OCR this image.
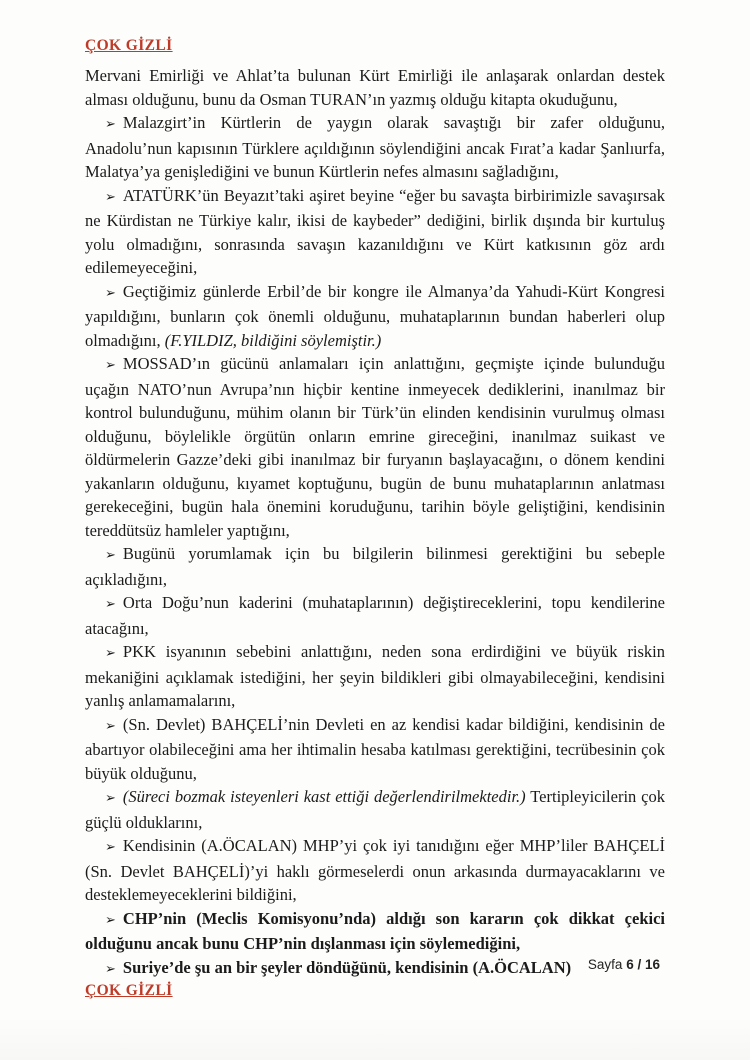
ÇOK GİZLİ

Mervani Emirliği ve Ahlat’ta bulunan Kürt Emirliği ile anlaşarak onlardan destek alması olduğunu, bunu da Osman TURAN’ın yazmış olduğu kitapta okuduğunu,

➢ Malazgirt’in Kürtlerin de yaygın olarak savaştığı bir zafer olduğunu, Anadolu’nun kapısının Türklere açıldığının söylendiğini ancak Fırat’a kadar Şanlıurfa, Malatya’ya genişlediğini ve bunun Kürtlerin nefes almasını sağladığını,

➢ ATATÜRK’ün Beyazıt’taki aşiret beyine “eğer bu savaşta birbirimizle savaşırsak ne Kürdistan ne Türkiye kalır, ikisi de kaybeder” dediğini, birlik dışında bir kurtuluş yolu olmadığını, sonrasında savaşın kazanıldığını ve Kürt katkısının göz ardı edilemeyeceğini,

➢ Geçtiğimiz günlerde Erbil’de bir kongre ile Almanya’da Yahudi-Kürt Kongresi yapıldığını, bunların çok önemli olduğunu, muhataplarının bundan haberleri olup olmadığını, (F.YILDIZ, bildiğini söylemiştir.)

➢ MOSSAD’ın gücünü anlamaları için anlattığını, geçmişte içinde bulunduğu uçağın NATO’nun Avrupa’nın hiçbir kentine inmeyecek dediklerini, inanılmaz bir kontrol bulunduğunu, mühim olanın bir Türk’ün elinden kendisinin vurulmuş olması olduğunu, böylelikle örgütün onların emrine gireceğini, inanılmaz suikast ve öldürmelerin Gazze’deki gibi inanılmaz bir furyanın başlayacağını, o dönem kendini yakanların olduğunu, kıyamet koptuğunu, bugün de bunu muhataplarının anlatması gerekeceğini, bugün hala önemini koruduğunu, tarihin böyle geliştiğini, kendisinin tereddütsüz hamleler yaptığını,

➢ Bugünü yorumlamak için bu bilgilerin bilinmesi gerektiğini bu sebeple açıkladığını,

➢ Orta Doğu’nun kaderini (muhataplarının) değiştireceklerini, topu kendilerine atacağını,

➢ PKK isyanının sebebini anlattığını, neden sona erdirdiğini ve büyük riskin mekaniğini açıklamak istediğini, her şeyin bildikleri gibi olmayabileceğini, kendisini yanlış anlamamalarını,

➢ (Sn. Devlet) BAHÇELİ’nin Devleti en az kendisi kadar bildiğini, kendisinin de abartıyor olabileceğini ama her ihtimalin hesaba katılması gerektiğini, tecrübesinin çok büyük olduğunu,

➢ (Süreci bozmak isteyenleri kast ettiği değerlendirilmektedir.) Tertipleyicilerin çok güçlü olduklarını,

➢ Kendisinin (A.ÖCALAN) MHP’yi çok iyi tanıdığını eğer MHP’liler BAHÇELİ (Sn. Devlet BAHÇELİ)’yi haklı görmeselerdi onun arkasında durmayacaklarını ve desteklemeyeceklerini bildiğini,

➢ CHP’nin (Meclis Komisyonu’nda) aldığı son kararın çok dikkat çekici olduğunu ancak bunu CHP’nin dışlanması için söylemediğini,

➢ Suriye’de şu an bir şeyler döndüğünü, kendisinin (A.ÖCALAN)	Sayfa 6 / 16
ÇOK GİZLİ
